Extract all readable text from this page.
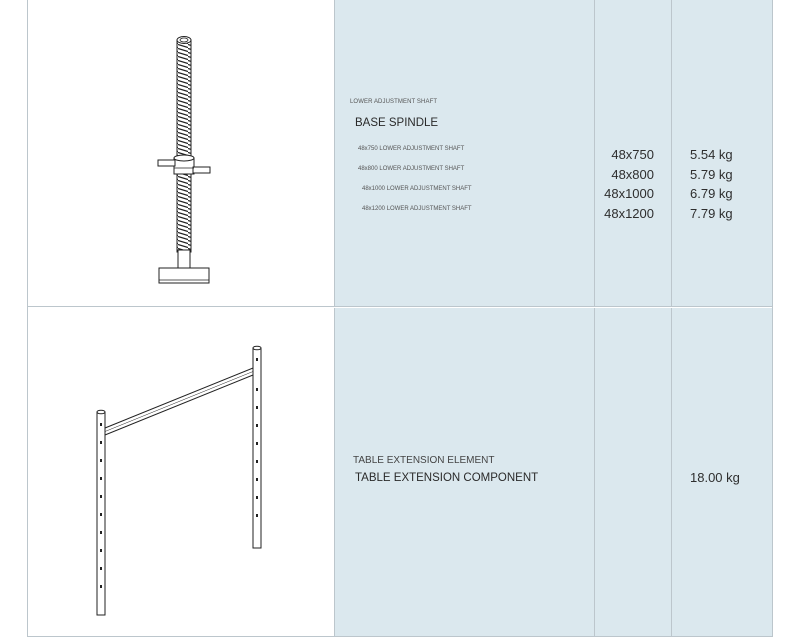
LOWER ADJUSTMENT SHAFT
BASE SPINDLE
48x750 LOWER ADJUSTMENT SHAFT
48x800 LOWER ADJUSTMENT SHAFT
48x1000 LOWER ADJUSTMENT SHAFT
48x1200 LOWER ADJUSTMENT SHAFT
48x750
48x800
48x1000
48x1200
5.54 kg
5.79 kg
6.79 kg
7.79 kg
TABLE EXTENSION ELEMENT
TABLE EXTENSION COMPONENT	18.00 kg
